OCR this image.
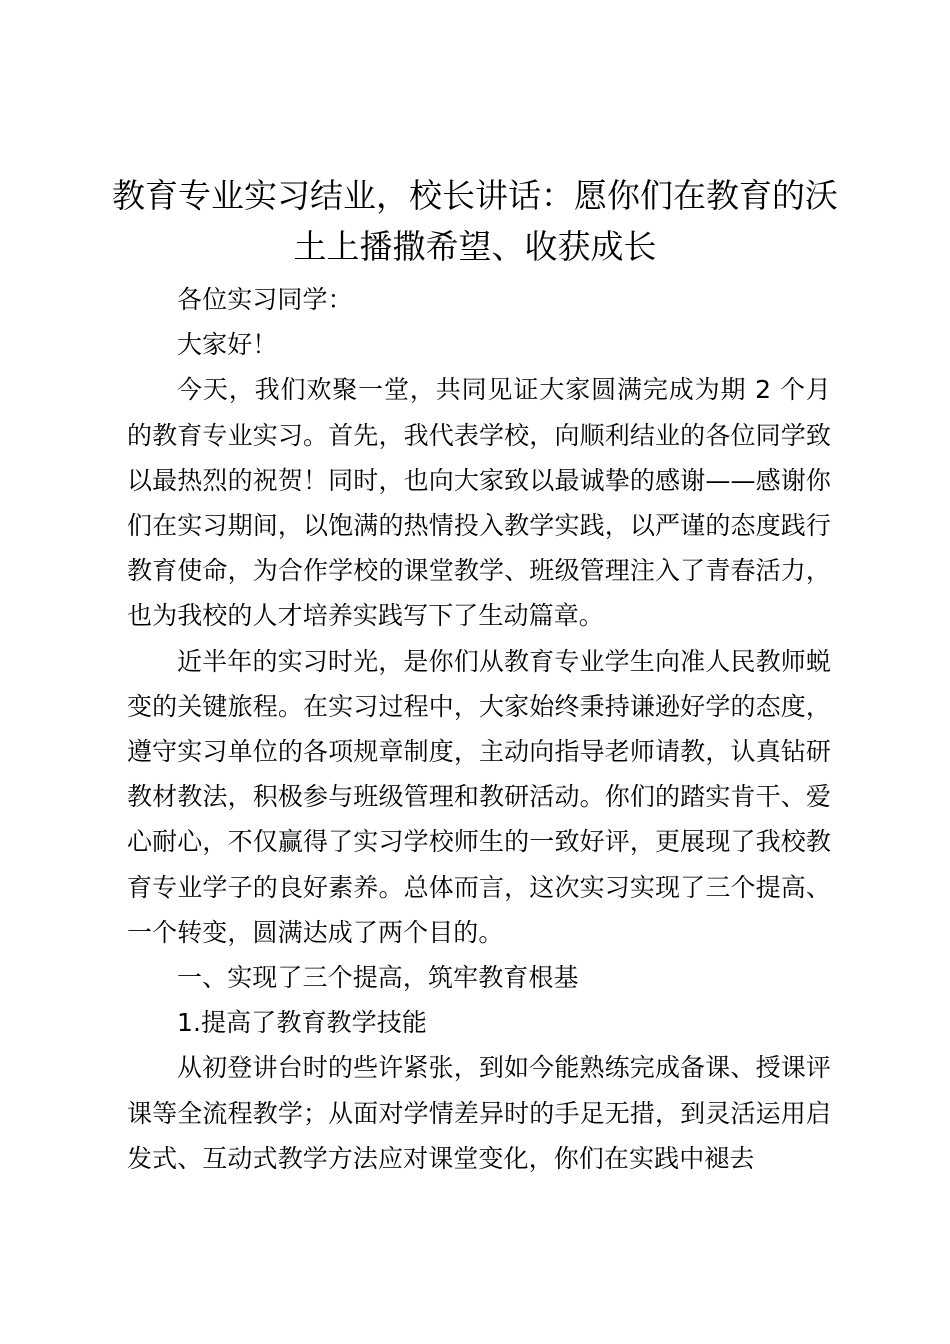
教育专业实习结业，校长讲话：愿你们在教育的沃土上播撒希望、收获成长

各位实习同学：

大家好！

今天，我们欢聚一堂，共同见证大家圆满完成为期 2 个月的教育专业实习。首先，我代表学校，向顺利结业的各位同学致以最热烈的祝贺！同时，也向大家致以最诚挚的感谢——感谢你们在实习期间，以饱满的热情投入教学实践，以严谨的态度践行教育使命，为合作学校的课堂教学、班级管理注入了青春活力，也为我校的人才培养实践写下了生动篇章。

近半年的实习时光，是你们从教育专业学生向准人民教师蜕变的关键旅程。在实习过程中，大家始终秉持谦逊好学的态度，遵守实习单位的各项规章制度，主动向指导老师请教，认真钻研教材教法，积极参与班级管理和教研活动。你们的踏实肯干、爱心耐心，不仅赢得了实习学校师生的一致好评，更展现了我校教育专业学子的良好素养。总体而言，这次实习实现了三个提高、一个转变，圆满达成了两个目的。

一、实现了三个提高，筑牢教育根基

1.提高了教育教学技能

从初登讲台时的些许紧张，到如今能熟练完成备课、授课评课等全流程教学；从面对学情差异时的手足无措，到灵活运用启发式、互动式教学方法应对课堂变化，你们在实践中褪去
